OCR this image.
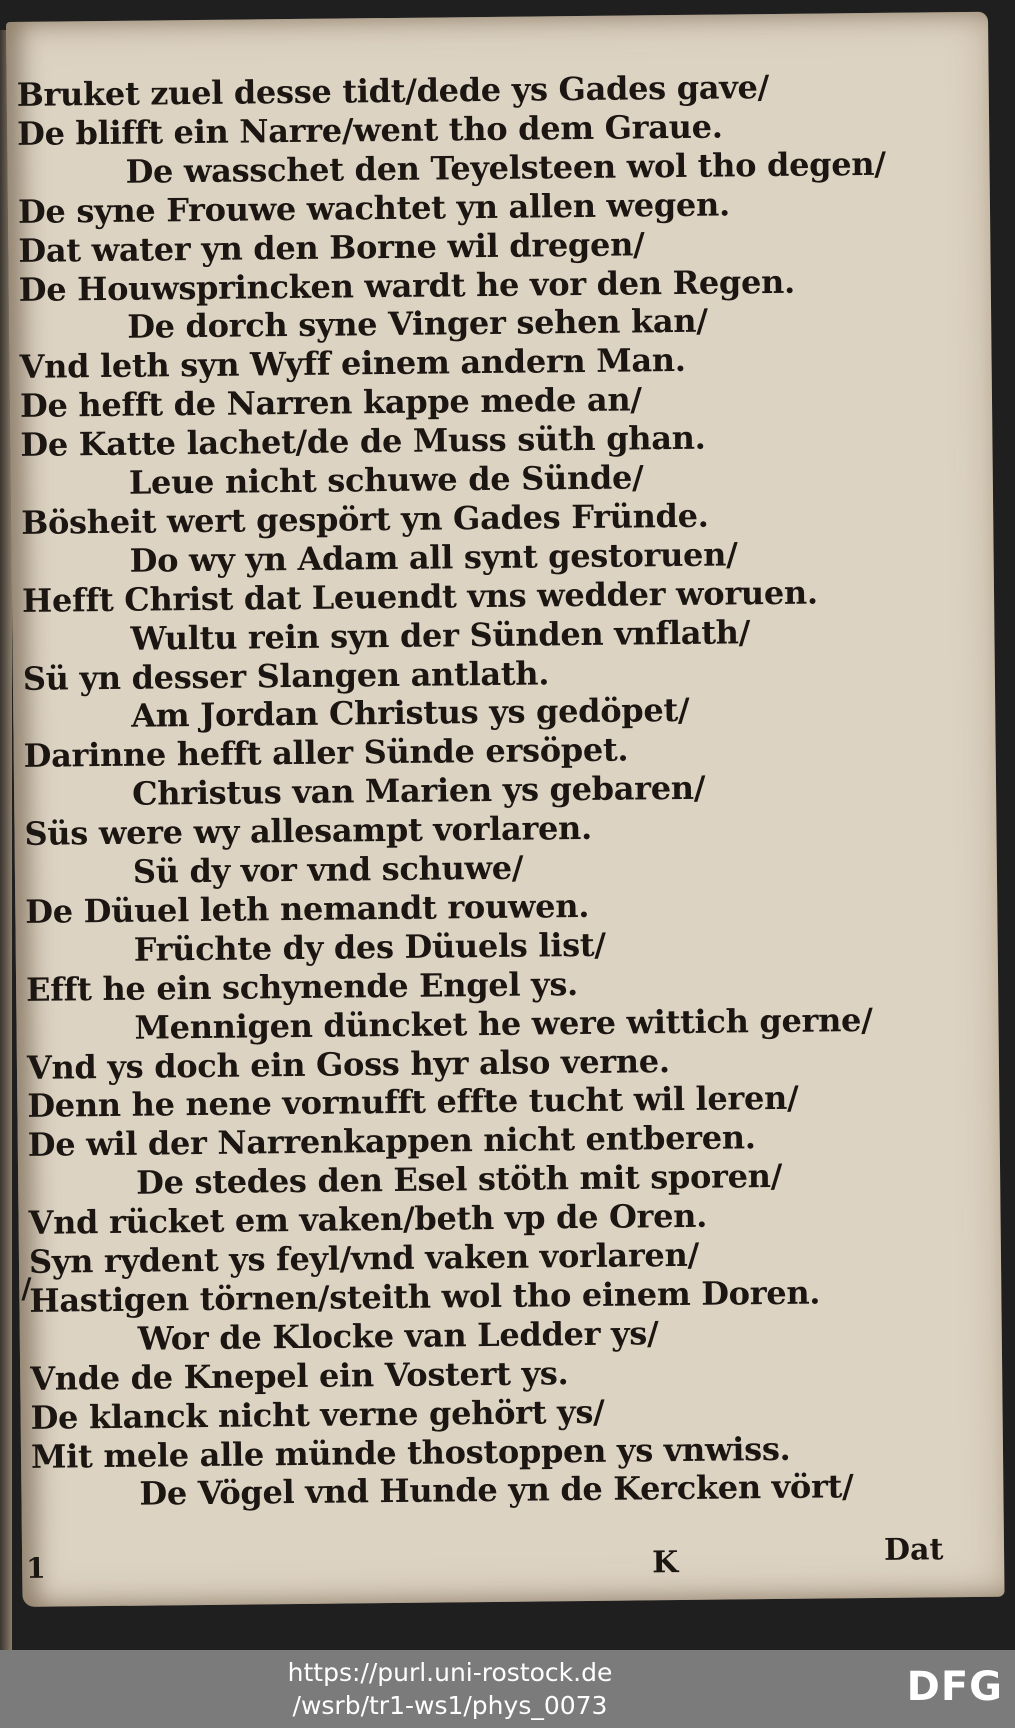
Bruket zuel desse tidt/dede ys Gades gave/
De blifft ein Narre/went tho dem Graue.
De wasschet den Teyelsteen wol tho degen/
De syne Frouwe wachtet yn allen wegen.
Dat water yn den Borne wil dregen/
De Houwsprincken wardt he vor den Regen.
De dorch syne Vinger sehen kan/
Vnd leth syn Wyff einem andern Man.
De hefft de Narren kappe mede an/
De Katte lachet/de de Muss süth ghan.
Leue nicht schuwe de Sünde/
Bösheit wert gespört yn Gades Fründe.
Do wy yn Adam all synt gestoruen/
Hefft Christ dat Leuendt vns wedder woruen.
Wultu rein syn der Sünden vnflath/
Sü yn desser Slangen antlath.
Am Jordan Christus ys gedöpet/
Darinne hefft aller Sünde ersöpet.
Christus van Marien ys gebaren/
Süs were wy allesampt vorlaren.
Sü dy vor vnd schuwe/
De Düuel leth nemandt rouwen.
Früchte dy des Düuels list/
Efft he ein schynende Engel ys.
Mennigen düncket he were wittich gerne/
Vnd ys doch ein Goss hyr also verne.
Denn he nene vornufft effte tucht wil leren/
De wil der Narrenkappen nicht entberen.
De stedes den Esel stöth mit sporen/
Vnd rücket em vaken/beth vp de Oren.
Syn rydent ys feyl/vnd vaken vorlaren/
Hastigen törnen/steith wol tho einem Doren.
Wor de Klocke van Ledder ys/
Vnde de Knepel ein Vostert ys.
De klanck nicht verne gehört ys/
Mit mele alle münde thostoppen ys vnwiss.
De Vögel vnd Hunde yn de Kercken vört/
K	Dat
/
1
https://purl.uni-rostock.de
/wsrb/tr1-ws1/phys_0073	DFG
